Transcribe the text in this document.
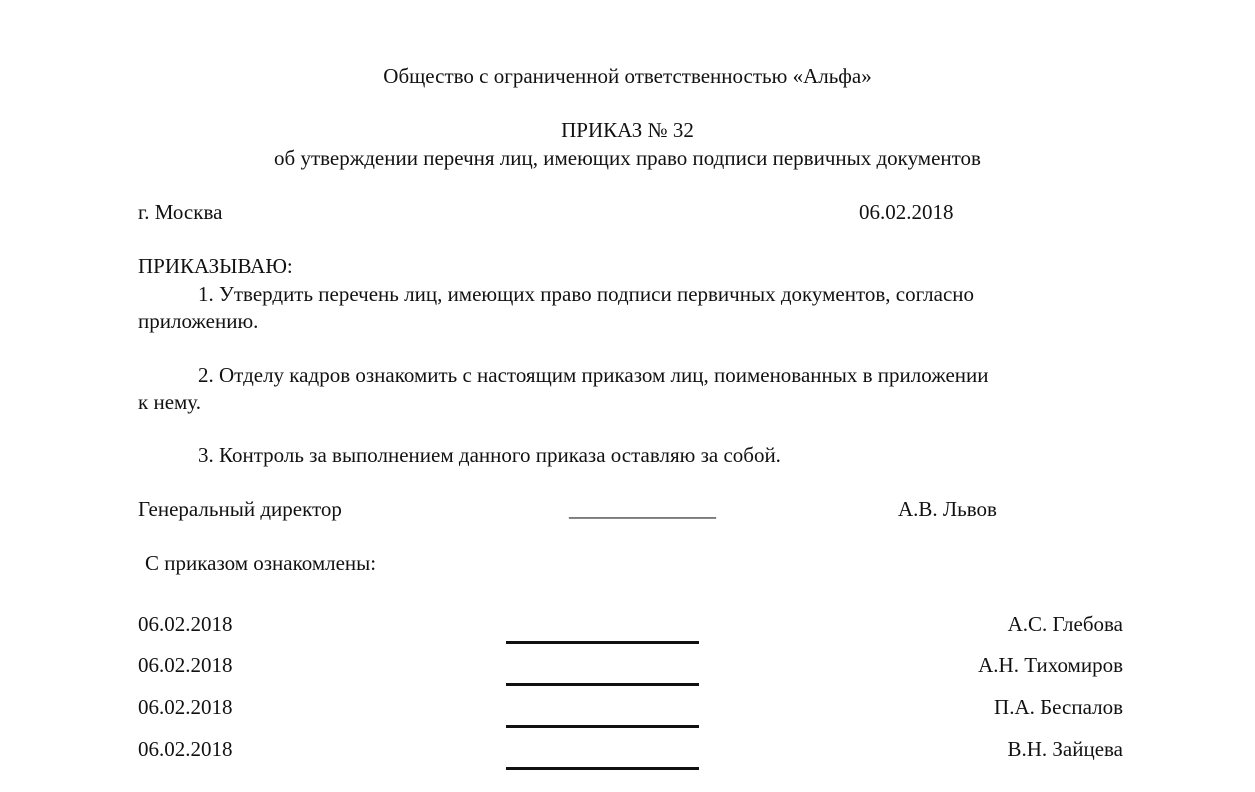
Общество с ограниченной ответственностью «Альфа»
ПРИКАЗ № 32
об утверждении перечня лиц, имеющих право подписи первичных документов
г. Москва	06.02.2018
ПРИКАЗЫВАЮ:
1. Утвердить перечень лиц, имеющих право подписи первичных документов, согласно
приложению.
2. Отделу кадров ознакомить с настоящим приказом лиц, поименованных в приложении
к нему.
3. Контроль за выполнением данного приказа оставляю за собой.
Генеральный директор	______________	А.В. Львов
С приказом ознакомлены:
06.02.2018	А.С. Глебова
06.02.2018	А.Н. Тихомиров
06.02.2018	П.А. Беспалов
06.02.2018	В.Н. Зайцева
